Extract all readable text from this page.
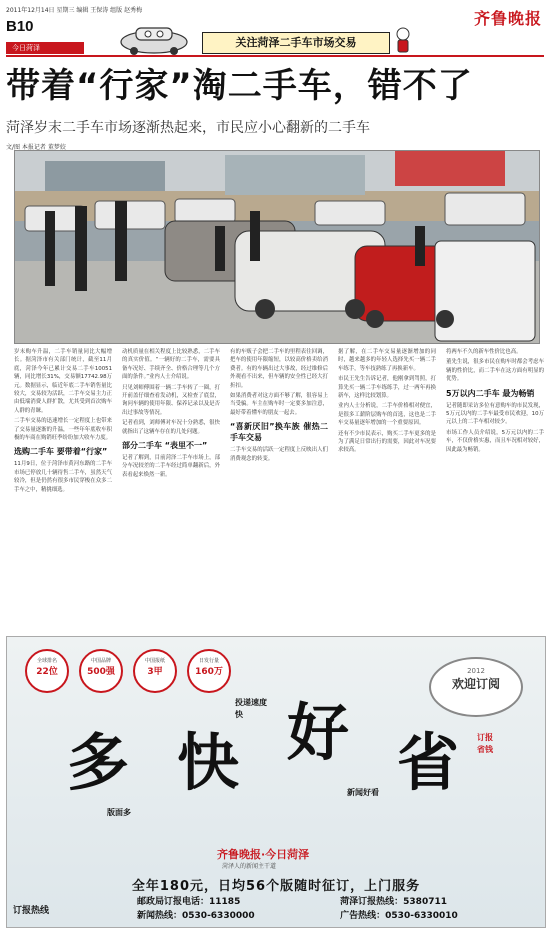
2011年12月14日 星期三 编辑 王保涛 组版 赵秀梅	齐鲁晚报
B10
今日菏泽	关注菏泽二手车市场交易
带着“行家”淘二手车，错不了
菏泽岁末二手车市场逐渐热起来，市民应小心翻新的二手车
文/图 本报记者 董梦姣

岁末购车升温，二手车销量同比大幅增长。据菏泽市有关部门统计，截至11月底，菏泽今年已累计交易二手车10051辆，同比增长31%，交易额17742.98万元。数据显示，临近年底二手车销售量比较大，交易较为活跃，二手车交易主力正由低端消费人群扩散，尤其受到首次购车人群的青睐。

二手车交易的迅速增长一定程度上也带来了交易量逐渐的升温，一些年年底收车积极的车商在购销旺季纷纷加大收车力度。

选购二手车 要带着“行家”

11月9日，位于菏泽市黄河东路的二手车市场已停放几十辆待售二手车，虽然天气较冷，但是仍然有很多市民穿梭在众多二手车之中，精挑细选。

动机质量在相关程度上比较熟悉，二手车的真实价值。“一辆好的二手车，需要具备车况好、手续齐全、价格合理等几个方面的条件。”业内人士介绍说。

只见刘师傅围着一辆二手车转了一圈，打开前盖仔细查看发动机，又检查了底盘，询问车辆的使用年限、保养记录以及是否出过事故等情况。

记者看到，刘师傅对车况十分熟悉，很快就指出了这辆车存在的几处问题。

部分二手车 “表里不一”

记者了解到，目前菏泽二手车市场上，部分车况较差的二手车经过简单翻新后，外表看起来焕然一新。

有的车贩子会把二手车的里程表往回调，把车的使用年限缩短，以较高价格卖给消费者。有的车辆出过大事故，经过维修后外观看不出来，但车辆的安全性已经大打折扣。

如果消费者对这方面不够了解，很容易上当受骗。车主在购车时一定要多加注意，最好带着懂车的朋友一起去。

“喜新厌旧”换车族 催热二手车交易

二手车交易的活跃一定程度上反映出人们消费观念的转变。

据了解，在二手车交易量逐渐增加的同时，越来越多的年轻人选择先买一辆二手车练手，等车技熟练了再换新车。

市民王先生告诉记者，他刚拿到驾照，打算先买一辆二手车练练手，过一两年再换新车，这样比较划算。

业内人士分析说，二手车价格相对便宜，是很多工薪阶层购车的首选，这也是二手车交易量逐年增加的一个重要原因。

还有不少市民表示，购买二手车更多的是为了满足日常出行的需要，因此对车况要求较高。

将两车不久的新车性价比也高。

董先生说，很多市民在购车时都会考虑车辆的性价比，而二手车在这方面有明显的优势。

5万以内二手车 最为畅销

记者随即采访多位有意购车的市民发现，5万元以内的二手车最受市民欢迎，10万元以上的二手车相对较少。

市场工作人员介绍说，5万元以内的二手车，不仅价格实惠，而且车况相对较好，因此最为畅销。

全球排名
22位
中国品牌
500强
中国报纸
3甲
日发行量
160万	2012
欢迎订阅
多 快 好 省
版面多
投递速度快
新闻好看
订报省钱
齐鲁晚报·今日菏泽
菏泽人的新闻主干道
全年180元，日均56个版随时征订，上门服务
订报热线
邮政局订报电话：11185	菏泽订报热线：5380711
新闻热线：0530-6330000	广告热线：0530-6330010
